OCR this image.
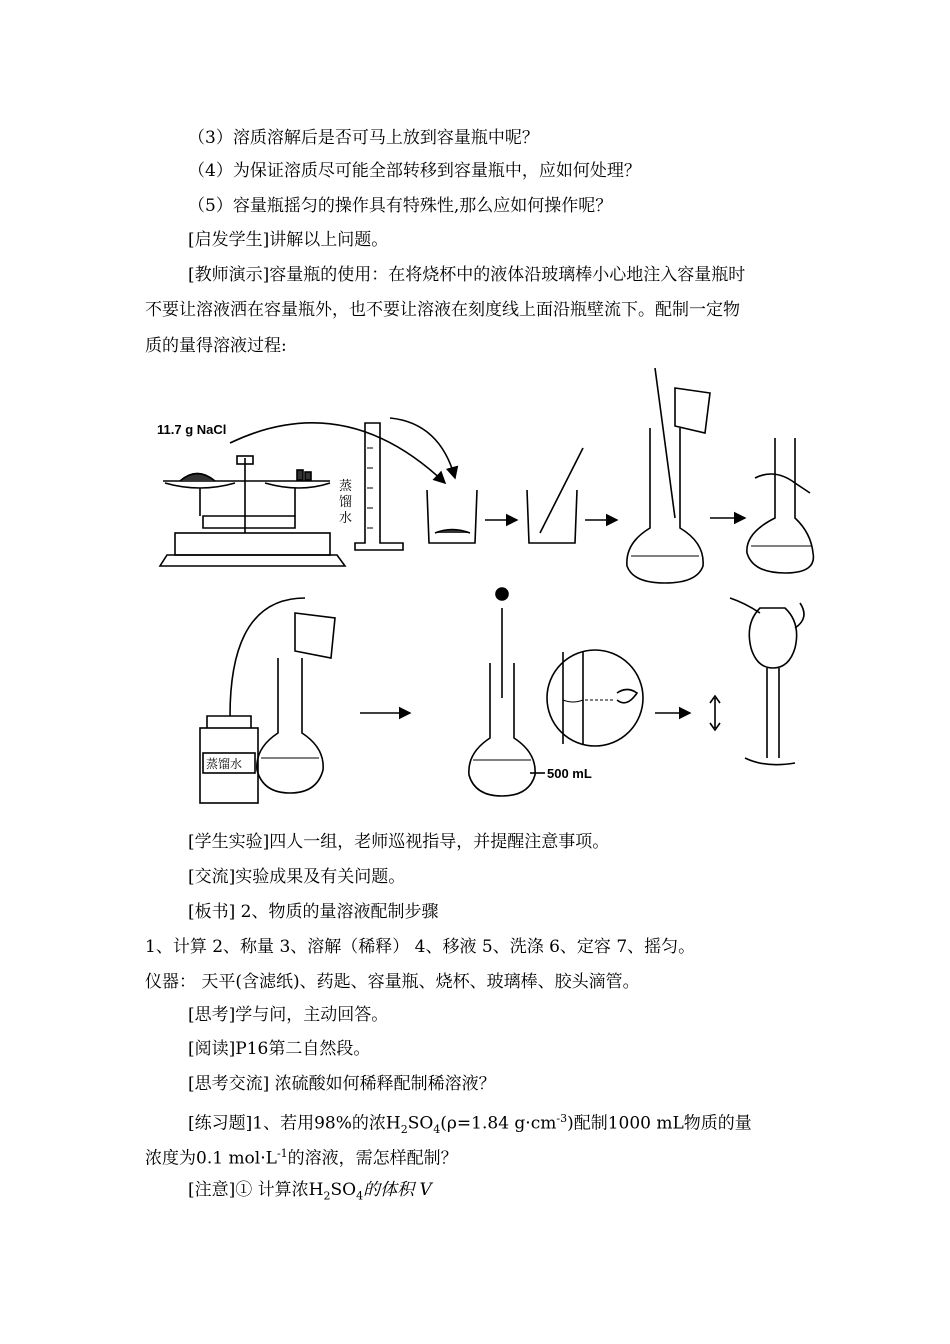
（3）溶质溶解后是否可马上放到容量瓶中呢？
（4）为保证溶质尽可能全部转移到容量瓶中，应如何处理？
（5）容量瓶摇匀的操作具有特殊性,那么应如何操作呢？
[启发学生]讲解以上问题。
[教师演示]容量瓶的使用：在将烧杯中的液体沿玻璃棒小心地注入容量瓶时
不要让溶液洒在容量瓶外，也不要让溶液在刻度线上面沿瓶壁流下。配制一定物
质的量得溶液过程:
11.7 g NaCl
蒸
馏
水
蒸馏水
500 mL
[学生实验]四人一组，老师巡视指导，并提醒注意事项。
[交流]实验成果及有关问题。
[板书] 2、物质的量溶液配制步骤
1、计算 2、称量 3、溶解（稀释） 4、移液 5、洗涤 6、定容 7、摇匀。
仪器： 天平(含滤纸)、药匙、容量瓶、烧杯、玻璃棒、胶头滴管。
[思考]学与问，主动回答。
[阅读]P16第二自然段。
[思考交流] 浓硫酸如何稀释配制稀溶液？
[练习题]1、若用98%的浓$H_2SO_4(\rho=1.84$ $g\cdot cm^{-3}$)配制1000 mL物质的量
浓度为0.1 $mol\cdot L^{-1}$的溶液，需怎样配制？
[注意]① 计算浓$H_2SO_4$的体积 V
